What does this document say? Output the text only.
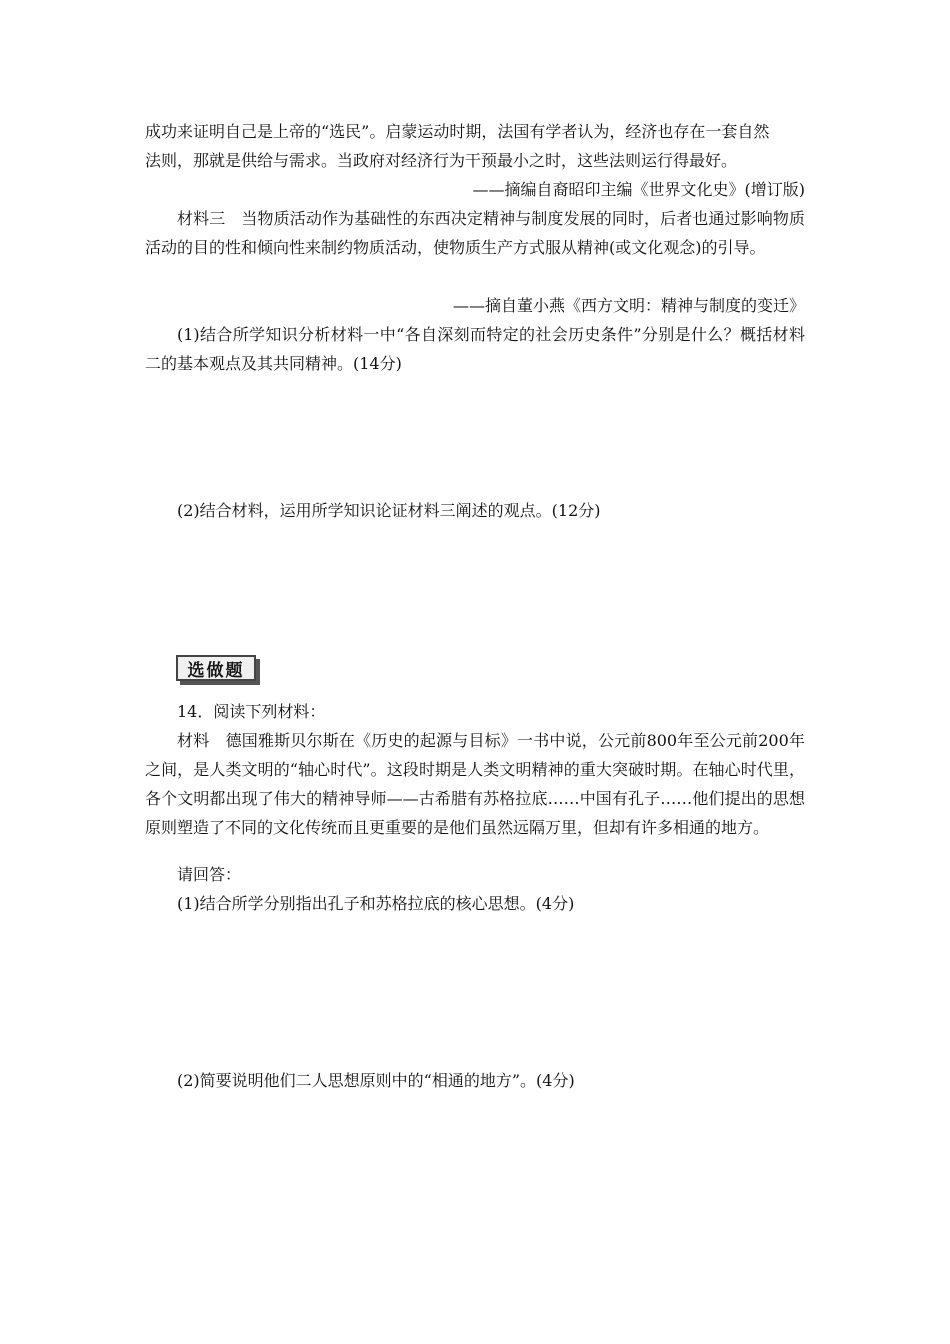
成功来证明自己是上帝的“选民”。启蒙运动时期，法国有学者认为，经济也存在一套自然

法则，那就是供给与需求。当政府对经济行为干预最小之时，这些法则运行得最好。

——摘编自裔昭印主编《世界文化史》(增订版)

材料三　当物质活动作为基础性的东西决定精神与制度发展的同时，后者也通过影响物质活动的目的性和倾向性来制约物质活动，使物质生产方式服从精神(或文化观念)的引导。

——摘自董小燕《西方文明：精神与制度的变迁》

(1)结合所学知识分析材料一中“各自深刻而特定的社会历史条件”分别是什么？概括材料二的基本观点及其共同精神。(14分)

(2)结合材料，运用所学知识论证材料三阐述的观点。(12分)

选做题

14．阅读下列材料：

材料　德国雅斯贝尔斯在《历史的起源与目标》一书中说，公元前800年至公元前200年之间，是人类文明的“轴心时代”。这段时期是人类文明精神的重大突破时期。在轴心时代里，各个文明都出现了伟大的精神导师——古希腊有苏格拉底……中国有孔子……他们提出的思想原则塑造了不同的文化传统而且更重要的是他们虽然远隔万里，但却有许多相通的地方。

请回答：

(1)结合所学分别指出孔子和苏格拉底的核心思想。(4分)

(2)简要说明他们二人思想原则中的“相通的地方”。(4分)
